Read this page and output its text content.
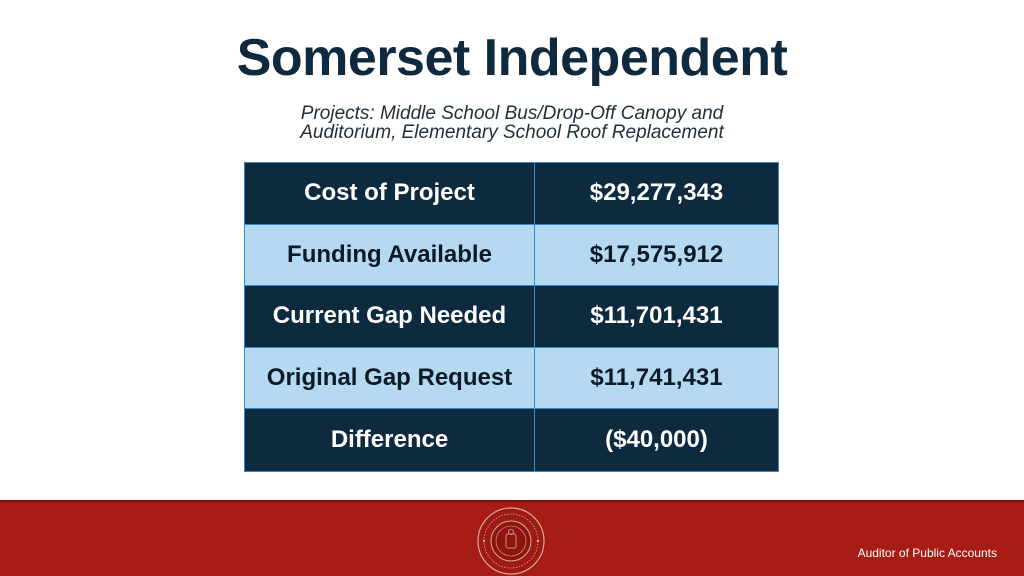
Somerset Independent
Projects: Middle School Bus/Drop-Off Canopy and
Auditorium, Elementary School Roof Replacement
Cost of Project	$29,277,343
Funding Available	$17,575,912
Current Gap Needed	$11,701,431
Original Gap Request	$11,741,431
Difference	($40,000)
Auditor of Public Accounts
